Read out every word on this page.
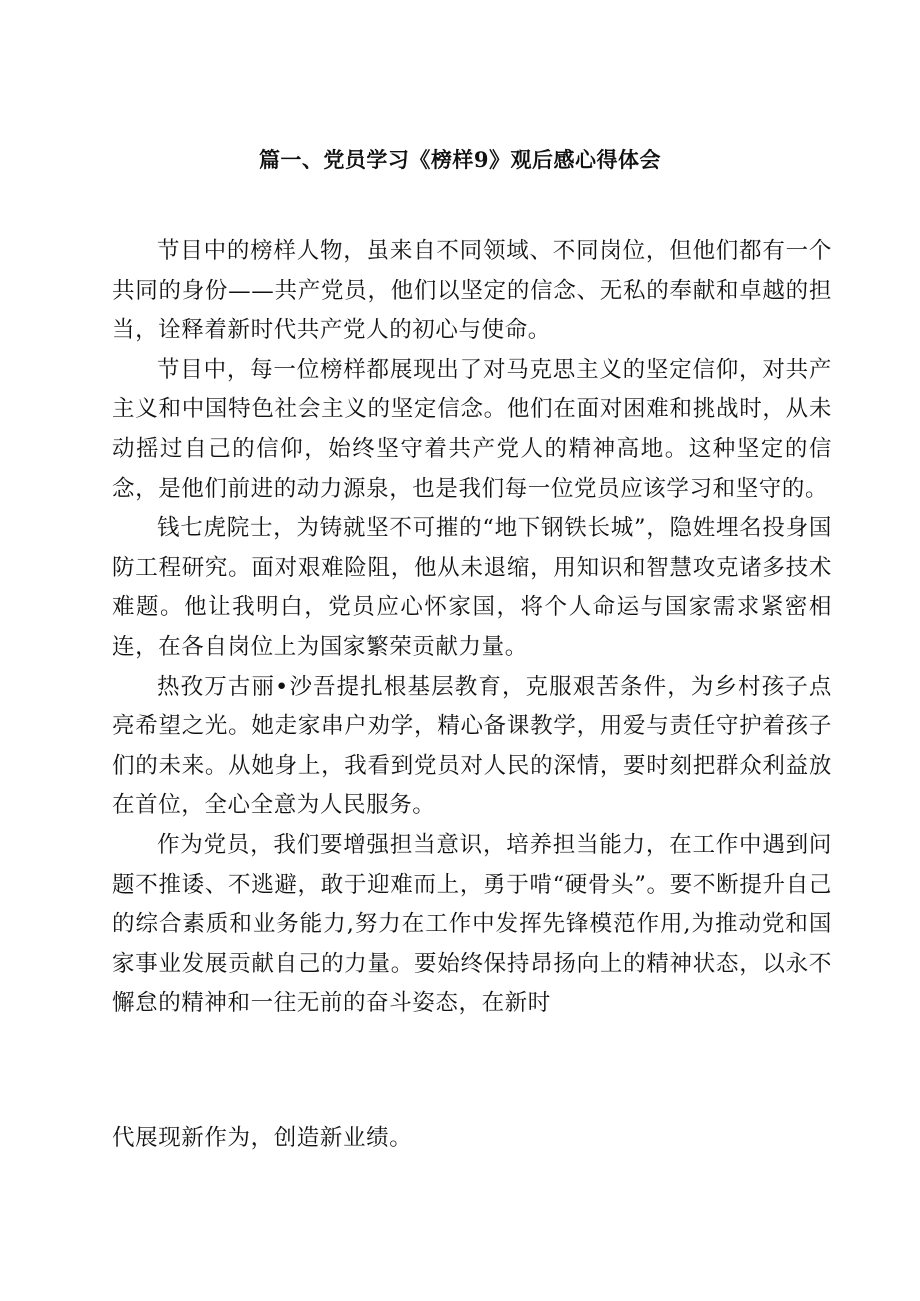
篇一、党员学习《榜样9》观后感心得体会

节目中的榜样人物，虽来自不同领域、不同岗位，但他们都有一个共同的身份——共产党员，他们以坚定的信念、无私的奉献和卓越的担当，诠释着新时代共产党人的初心与使命。

节目中，每一位榜样都展现出了对马克思主义的坚定信仰，对共产主义和中国特色社会主义的坚定信念。他们在面对困难和挑战时，从未动摇过自己的信仰，始终坚守着共产党人的精神高地。这种坚定的信念，是他们前进的动力源泉，也是我们每一位党员应该学习和坚守的。

钱七虎院士，为铸就坚不可摧的“地下钢铁长城”，隐姓埋名投身国防工程研究。面对艰难险阻，他从未退缩，用知识和智慧攻克诸多技术难题。他让我明白，党员应心怀家国，将个人命运与国家需求紧密相连，在各自岗位上为国家繁荣贡献力量。

热孜万古丽•沙吾提扎根基层教育，克服艰苦条件，为乡村孩子点亮希望之光。她走家串户劝学，精心备课教学，用爱与责任守护着孩子们的未来。从她身上，我看到党员对人民的深情，要时刻把群众利益放在首位，全心全意为人民服务。

作为党员，我们要增强担当意识，培养担当能力，在工作中遇到问题不推诿、不逃避，敢于迎难而上，勇于啃“硬骨头”。要不断提升自己的综合素质和业务能力,努力在工作中发挥先锋模范作用,为推动党和国家事业发展贡献自己的力量。要始终保持昂扬向上的精神状态，以永不懈怠的精神和一往无前的奋斗姿态，在新时

代展现新作为，创造新业绩。
